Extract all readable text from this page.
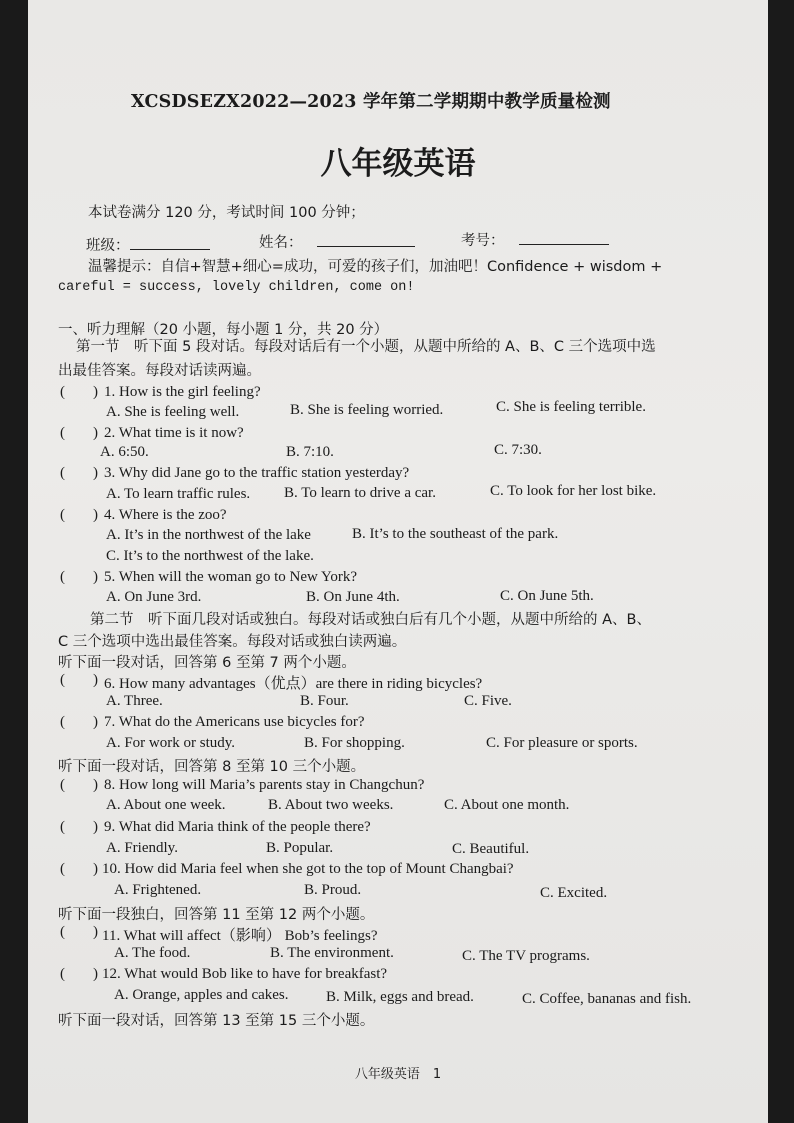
XCSDSEZX2022—2023 学年第二学期期中教学质量检测
八年级英语
本试卷满分 120 分，考试时间 100 分钟；
班级：	姓名：	考号：
温馨提示：自信+智慧+细心=成功，可爱的孩子们，加油吧！Confidence + wisdom +
careful = success, lovely children, come on!
一、听力理解（20 小题，每小题 1 分，共 20 分）
第一节　听下面 5 段对话。每段对话后有一个小题，从题中所给的 A、B、C 三个选项中选
出最佳答案。每段对话读两遍。
( ) 1. How is the girl feeling?
A. She is feeling well.	B. She is feeling worried.	C. She is feeling terrible.
( ) 2. What time is it now?
A. 6:50.	B. 7:10.	C. 7:30.
( ) 3. Why did Jane go to the traffic station yesterday?
A. To learn traffic rules. B. To learn to drive a car.	C. To look for her lost bike.
( ) 4. Where is the zoo?
A. It’s in the northwest of the lake	B. It’s to the southeast of the park.
C. It’s to the northwest of the lake.
( ) 5. When will the woman go to New York?
A. On June 3rd.	B. On June 4th.	C. On June 5th.
第二节　听下面几段对话或独白。每段对话或独白后有几个小题，从题中所给的 A、B、
C 三个选项中选出最佳答案。每段对话或独白读两遍。
听下面一段对话，回答第 6 至第 7 两个小题。
( ) 6. How many advantages（优点）are there in riding bicycles?
A. Three.	B. Four.	C. Five.
( ) 7. What do the Americans use bicycles for?
A. For work or study.	B. For shopping.	C. For pleasure or sports.
听下面一段对话，回答第 8 至第 10 三个小题。
( ) 8. How long will Maria’s parents stay in Changchun?
A. About one week.	B. About two weeks.	C. About one month.
( ) 9. What did Maria think of the people there?
A. Friendly.	B. Popular.	C. Beautiful.
( ) 10. How did Maria feel when she got to the top of Mount Changbai?
A. Frightened.	B. Proud.	C. Excited.
听下面一段独白，回答第 11 至第 12 两个小题。
( ) 11. What will affect（影响） Bob’s feelings?
A. The food.	B. The environment.	C. The TV programs.
( ) 12. What would Bob like to have for breakfast?
A. Orange, apples and cakes. B. Milk, eggs and bread.	C. Coffee, bananas and fish.
听下面一段对话，回答第 13 至第 15 三个小题。
八年级英语　1
